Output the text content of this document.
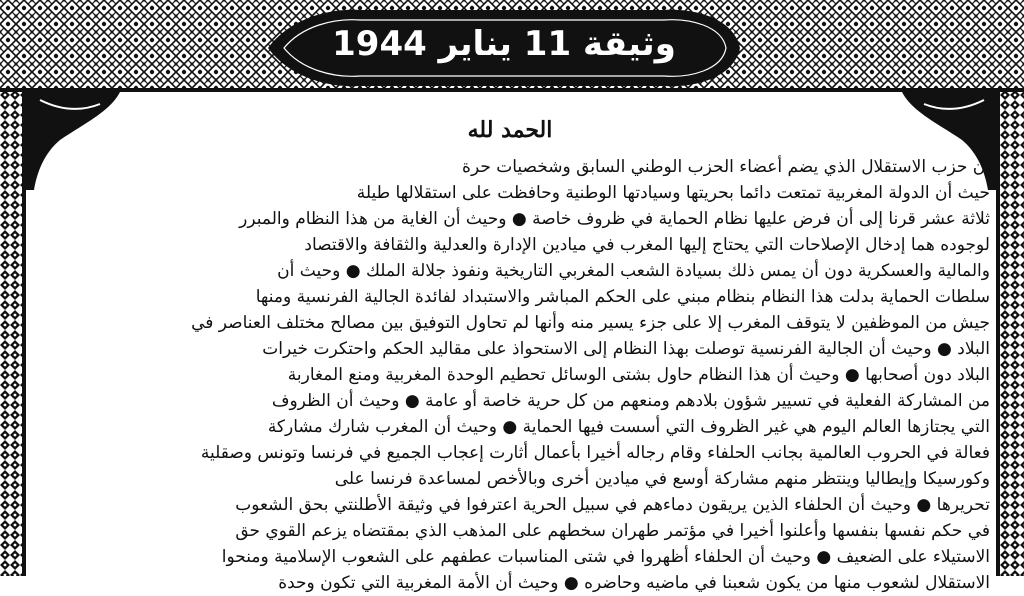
وثيقة 11 يناير 1944
الحمد لله
إن حزب الاستقلال الذي يضم أعضاء الحزب الوطني السابق وشخصيات حرة
حيث أن الدولة المغربية تمتعت دائما بحريتها وسيادتها الوطنية وحافظت على استقلالها طيلة
ثلاثة عشر قرنا إلى أن فرض عليها نظام الحماية في ظروف خاصة ● وحيث أن الغاية من هذا النظام والمبرر
لوجوده هما إدخال الإصلاحات التي يحتاج إليها المغرب في ميادين الإدارة والعدلية والثقافة والاقتصاد
والمالية والعسكرية دون أن يمس ذلك بسيادة الشعب المغربي التاريخية ونفوذ جلالة الملك ● وحيث أن
سلطات الحماية بدلت هذا النظام بنظام مبني على الحكم المباشر والاستبداد لفائدة الجالية الفرنسية ومنها
جيش من الموظفين لا يتوقف المغرب إلا على جزء يسير منه وأنها لم تحاول التوفيق بين مصالح مختلف العناصر في
البلاد ● وحيث أن الجالية الفرنسية توصلت بهذا النظام إلى الاستحواذ على مقاليد الحكم واحتكرت خيرات
البلاد دون أصحابها ● وحيث أن هذا النظام حاول بشتى الوسائل تحطيم الوحدة المغربية ومنع المغاربة
من المشاركة الفعلية في تسيير شؤون بلادهم ومنعهم من كل حرية خاصة أو عامة ● وحيث أن الظروف
التي يجتازها العالم اليوم هي غير الظروف التي أسست فيها الحماية ● وحيث أن المغرب شارك مشاركة
فعالة في الحروب العالمية بجانب الحلفاء وقام رجاله أخيرا بأعمال أثارت إعجاب الجميع في فرنسا وتونس وصقلية
وكورسيكا وإيطاليا وينتظر منهم مشاركة أوسع في ميادين أخرى وبالأخص لمساعدة فرنسا على
تحريرها ● وحيث أن الحلفاء الذين يريقون دماءهم في سبيل الحرية اعترفوا في وثيقة الأطلنتي بحق الشعوب
في حكم نفسها بنفسها وأعلنوا أخيرا في مؤتمر طهران سخطهم على المذهب الذي بمقتضاه يزعم القوي حق
الاستيلاء على الضعيف ● وحيث أن الحلفاء أظهروا في شتى المناسبات عطفهم على الشعوب الإسلامية ومنحوا
الاستقلال لشعوب منها من يكون شعبنا في ماضيه وحاضره ● وحيث أن الأمة المغربية التي تكون وحدة
